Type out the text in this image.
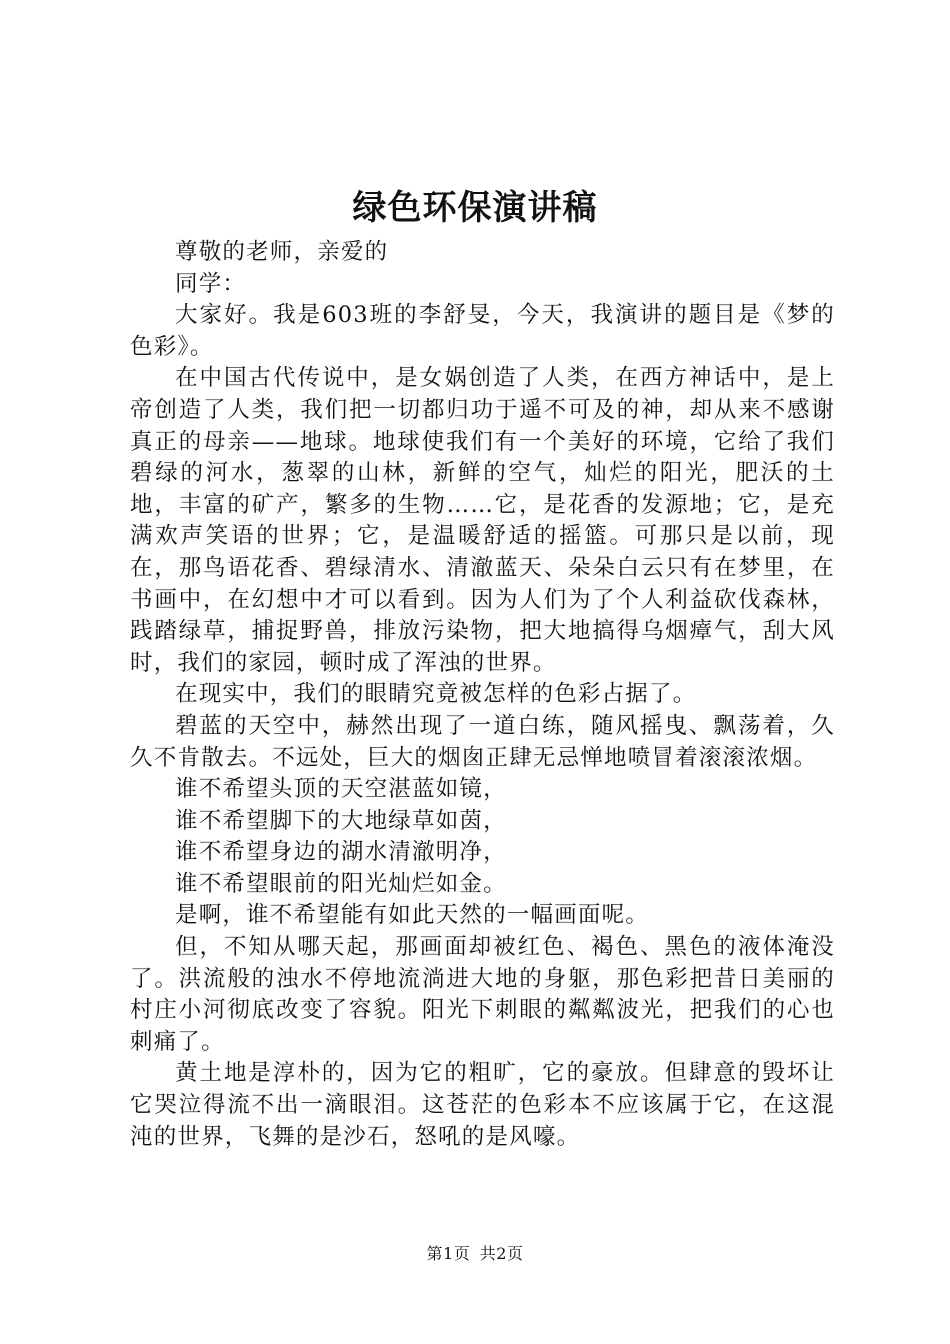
绿色环保演讲稿

尊敬的老师，亲爱的

同学：

大家好。我是603班的李舒旻，今天，我演讲的题目是《梦的色彩》。

在中国古代传说中，是女娲创造了人类，在西方神话中，是上帝创造了人类，我们把一切都归功于遥不可及的神，却从来不感谢真正的母亲——地球。地球使我们有一个美好的环境，它给了我们碧绿的河水，葱翠的山林，新鲜的空气，灿烂的阳光，肥沃的土地，丰富的矿产，繁多的生物……它，是花香的发源地；它，是充满欢声笑语的世界；它，是温暖舒适的摇篮。可那只是以前，现在，那鸟语花香、碧绿清水、清澈蓝天、朵朵白云只有在梦里，在书画中，在幻想中才可以看到。因为人们为了个人利益砍伐森林，践踏绿草，捕捉野兽，排放污染物，把大地搞得乌烟瘴气，刮大风时，我们的家园，顿时成了浑浊的世界。

在现实中，我们的眼睛究竟被怎样的色彩占据了。

碧蓝的天空中，赫然出现了一道白练，随风摇曳、飘荡着，久久不肯散去。不远处，巨大的烟囱正肆无忌惮地喷冒着滚滚浓烟。

谁不希望头顶的天空湛蓝如镜，

谁不希望脚下的大地绿草如茵，

谁不希望身边的湖水清澈明净，

谁不希望眼前的阳光灿烂如金。

是啊，谁不希望能有如此天然的一幅画面呢。

但，不知从哪天起，那画面却被红色、褐色、黑色的液体淹没了。洪流般的浊水不停地流淌进大地的身躯，那色彩把昔日美丽的村庄小河彻底改变了容貌。阳光下刺眼的粼粼波光，把我们的心也刺痛了。

黄土地是淳朴的，因为它的粗旷，它的豪放。但肆意的毁坏让它哭泣得流不出一滴眼泪。这苍茫的色彩本不应该属于它，在这混沌的世界，飞舞的是沙石，怒吼的是风嚎。

第1页 共2页
